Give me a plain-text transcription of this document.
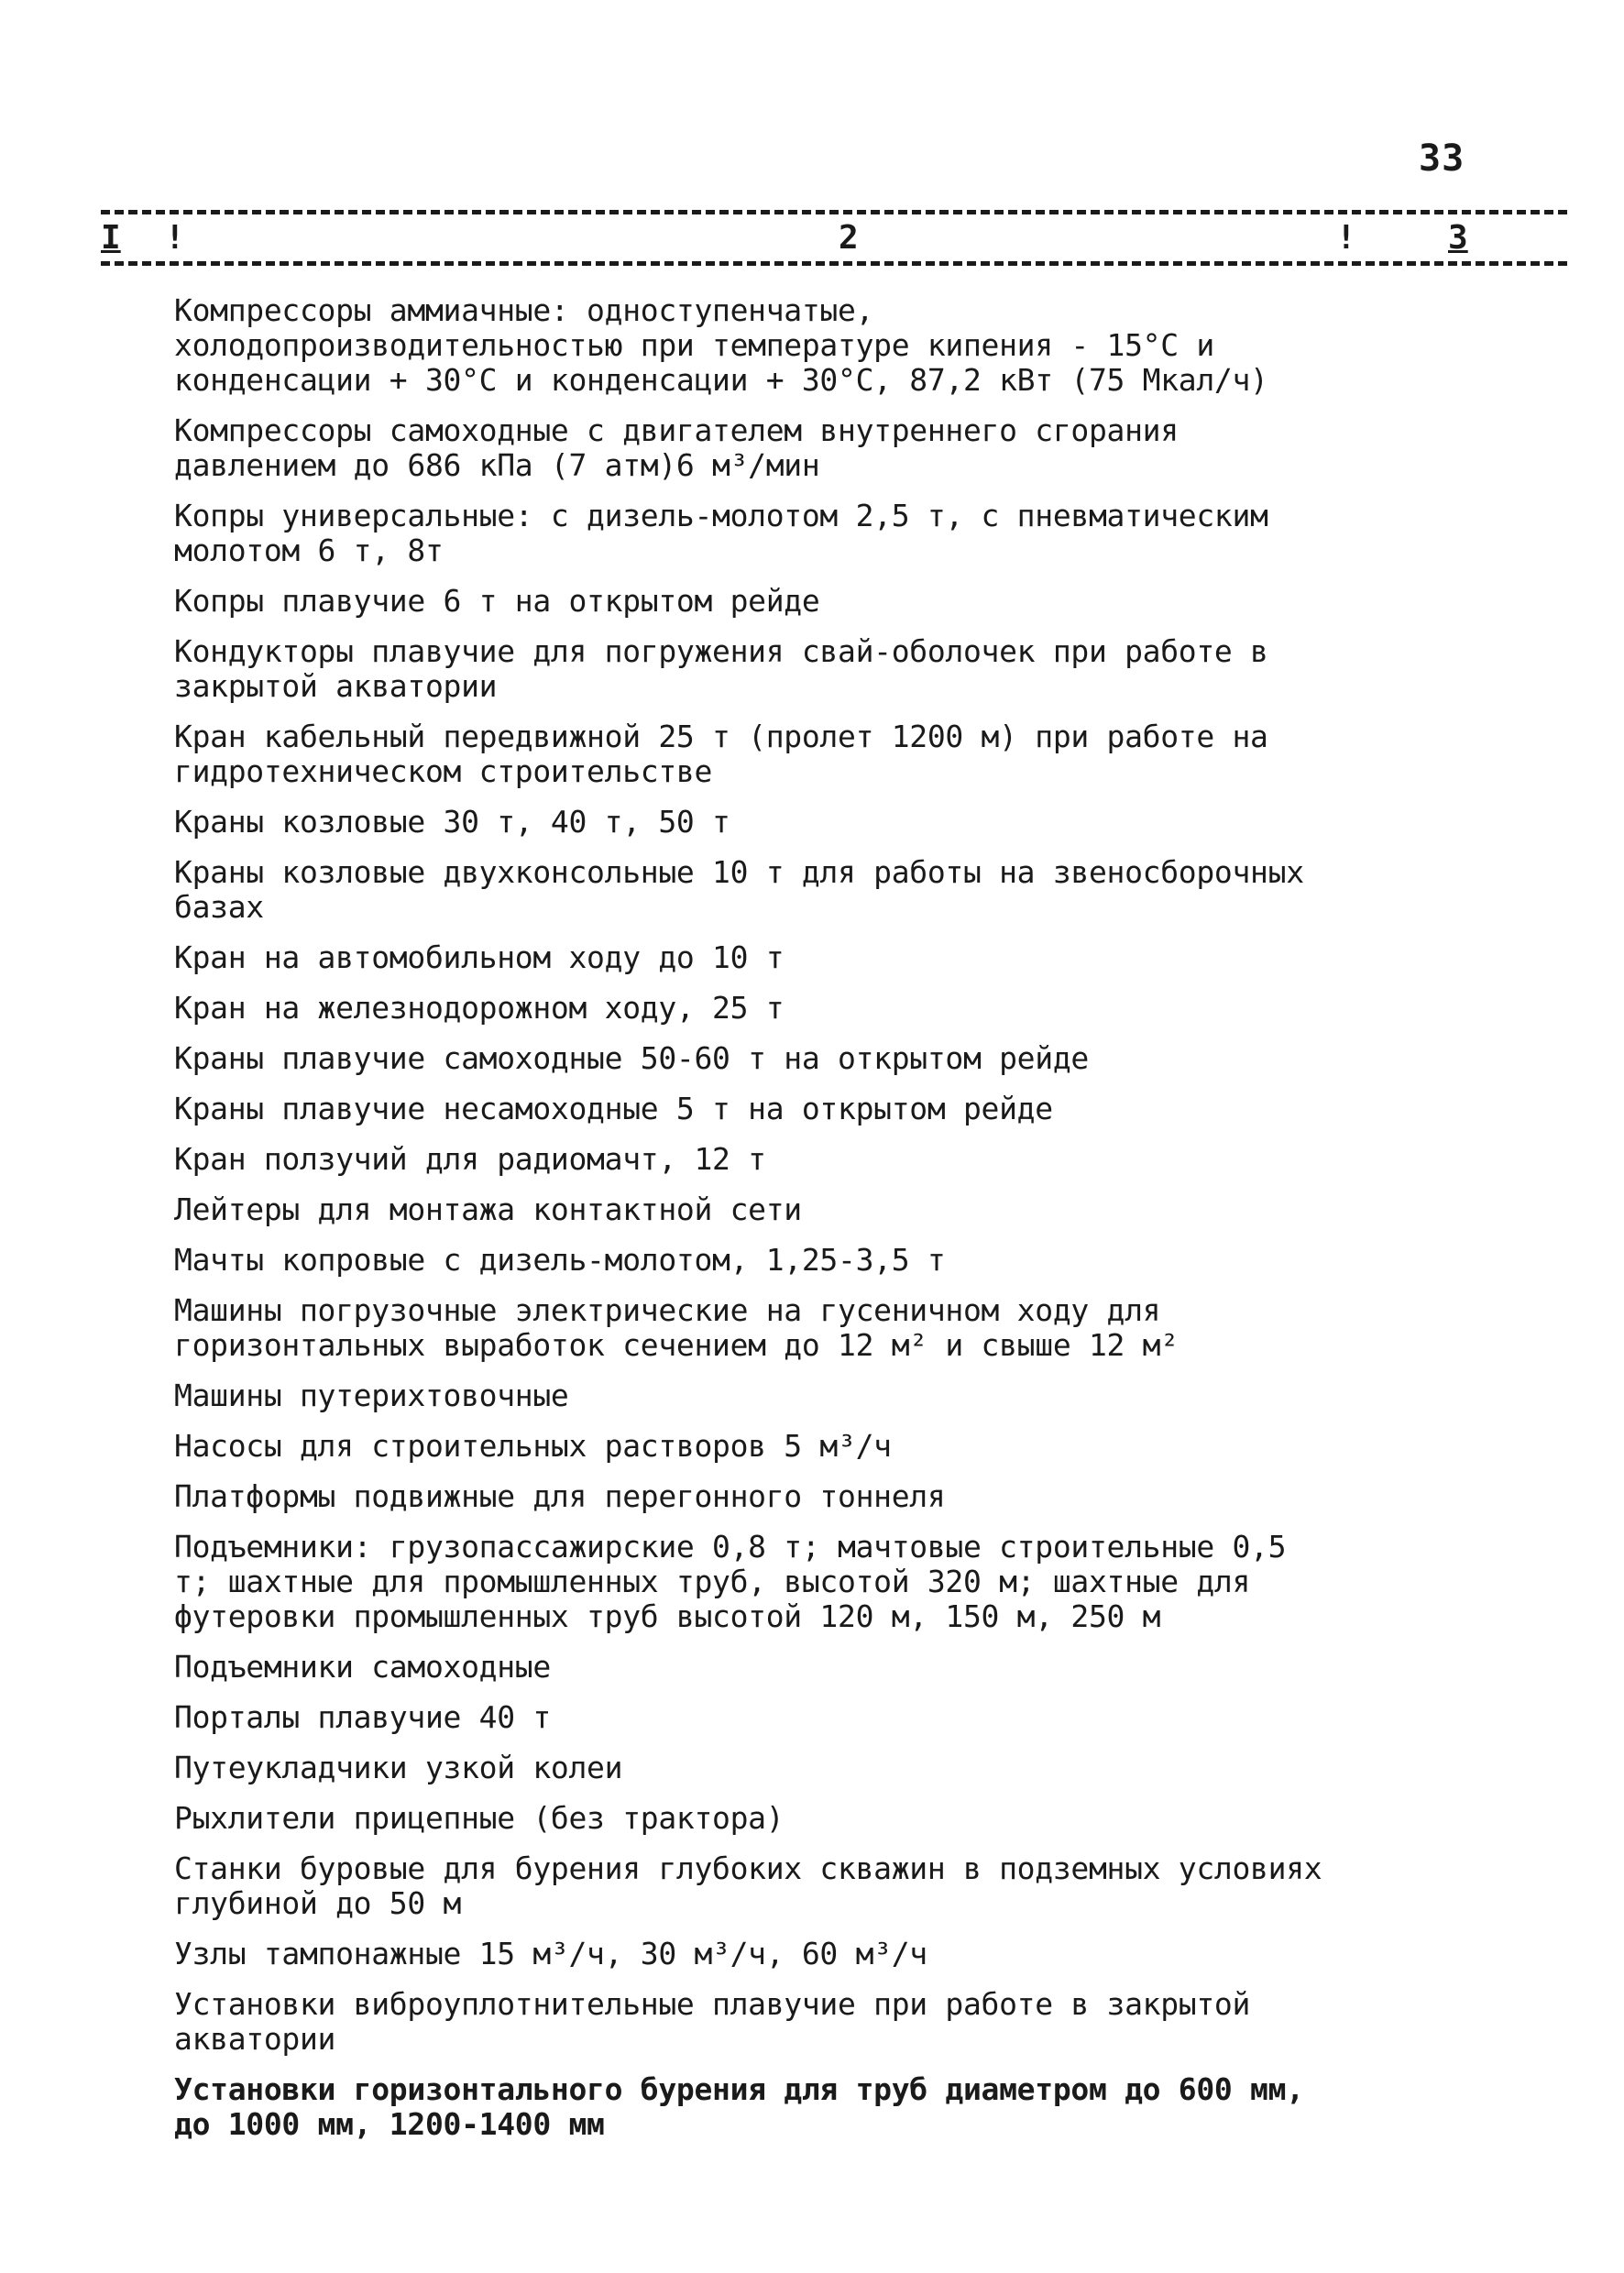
33
I !	2	!	3
Компрессоры аммиачные: одноступенчатые, холодопроизводительностью при температуре кипения - 15°C и конденсации + 30°C и конденсации + 30°C, 87,2 кВт (75 Мкал/ч)
Компрессоры самоходные с двигателем внутреннего сгорания давлением до 686 кПа (7 атм)6 м³/мин
Копры универсальные: с дизель-молотом 2,5 т, с пневматическим молотом 6 т, 8т
Копры плавучие 6 т на открытом рейде
Кондукторы плавучие для погружения свай-оболочек при работе в закрытой акватории
Кран кабельный передвижной 25 т (пролет 1200 м) при работе на гидротехническом строительстве
Краны козловые 30 т, 40 т, 50 т
Краны козловые двухконсольные 10 т для работы на звеносборочных базах
Кран на автомобильном ходу до 10 т
Кран на железнодорожном ходу, 25 т
Краны плавучие самоходные 50-60 т на открытом рейде
Краны плавучие несамоходные 5 т на открытом рейде
Кран ползучий для радиомачт, 12 т
Лейтеры для монтажа контактной сети
Мачты копровые с дизель-молотом, 1,25-3,5 т
Машины погрузочные электрические на гусеничном ходу для горизонтальных выработок сечением до 12 м² и свыше 12 м²
Машины путерихтовочные
Насосы для строительных растворов 5 м³/ч
Платформы подвижные для перегонного тоннеля
Подъемники: грузопассажирские 0,8 т; мачтовые строительные 0,5 т; шахтные для промышленных труб, высотой 320 м; шахтные для футеровки промышленных труб высотой 120 м, 150 м, 250 м
Подъемники самоходные
Порталы плавучие 40 т
Путеукладчики узкой колеи
Рыхлители прицепные (без трактора)
Станки буровые для бурения глубоких скважин в подземных условиях глубиной до 50 м
Узлы тампонажные 15 м³/ч, 30 м³/ч, 60 м³/ч
Установки виброуплотнительные плавучие при работе в закрытой акватории
Установки горизонтального бурения для труб диаметром до 600 мм, до 1000 мм, 1200-1400 мм
